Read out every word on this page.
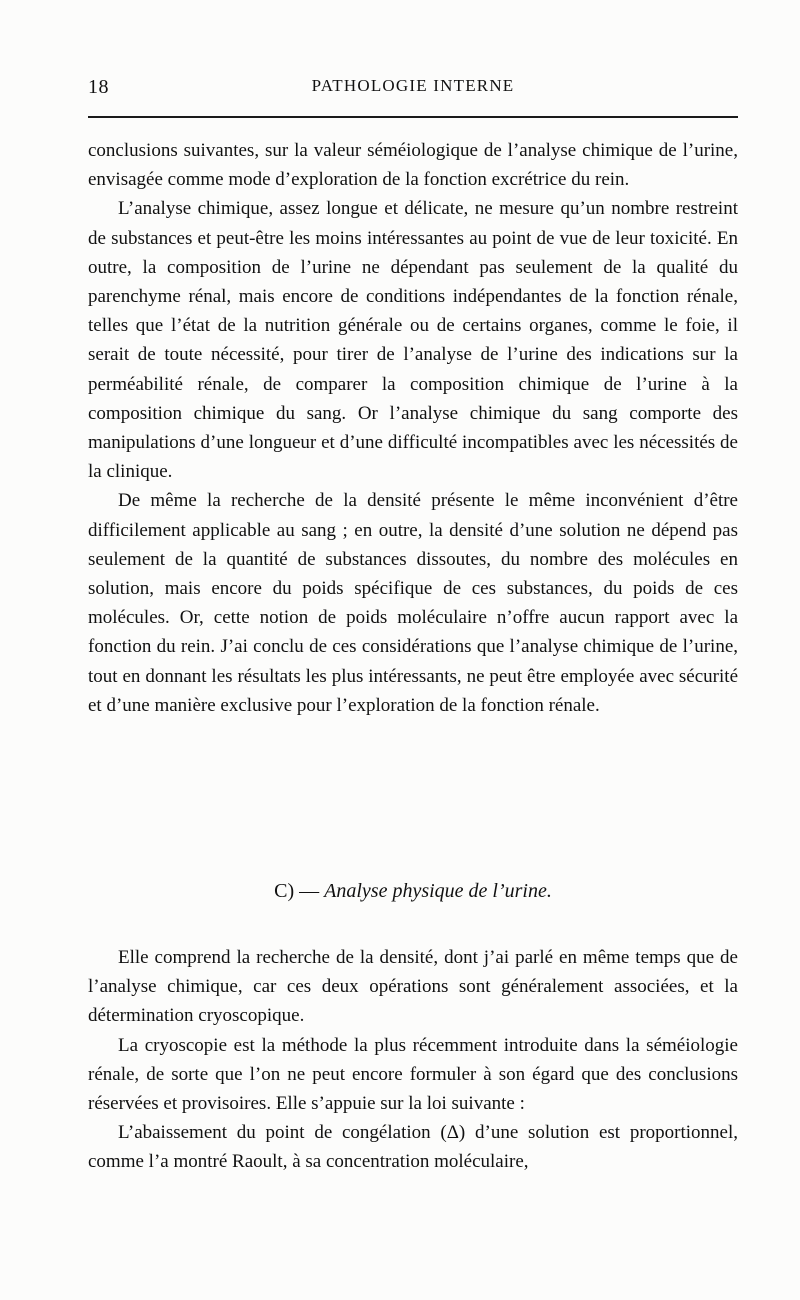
18	PATHOLOGIE INTERNE

conclusions suivantes, sur la valeur séméiologique de l’analyse chimique de l’urine, envisagée comme mode d’exploration de la fonction excrétrice du rein.

L’analyse chimique, assez longue et délicate, ne mesure qu’un nombre restreint de substances et peut-être les moins intéressantes au point de vue de leur toxicité. En outre, la composition de l’urine ne dépendant pas seulement de la qualité du parenchyme rénal, mais encore de conditions indépendantes de la fonction rénale, telles que l’état de la nutrition générale ou de certains organes, comme le foie, il serait de toute nécessité, pour tirer de l’analyse de l’urine des indications sur la perméabilité rénale, de comparer la composition chimique de l’urine à la composition chimique du sang. Or l’analyse chimique du sang comporte des manipulations d’une longueur et d’une difficulté incompatibles avec les nécessités de la clinique.

De même la recherche de la densité présente le même inconvénient d’être difficilement applicable au sang ; en outre, la densité d’une solution ne dépend pas seulement de la quantité de substances dissoutes, du nombre des molécules en solution, mais encore du poids spécifique de ces substances, du poids de ces molécules. Or, cette notion de poids moléculaire n’offre aucun rapport avec la fonction du rein. J’ai conclu de ces considérations que l’analyse chimique de l’urine, tout en donnant les résultats les plus intéressants, ne peut être employée avec sécurité et d’une manière exclusive pour l’exploration de la fonction rénale.

C) — Analyse physique de l’urine.

Elle comprend la recherche de la densité, dont j’ai parlé en même temps que de l’analyse chimique, car ces deux opérations sont généralement associées, et la détermination cryoscopique.

La cryoscopie est la méthode la plus récemment introduite dans la séméiologie rénale, de sorte que l’on ne peut encore formuler à son égard que des conclusions réservées et provisoires. Elle s’appuie sur la loi suivante :

L’abaissement du point de congélation (Δ) d’une solution est proportionnel, comme l’a montré Raoult, à sa concentration moléculaire,
